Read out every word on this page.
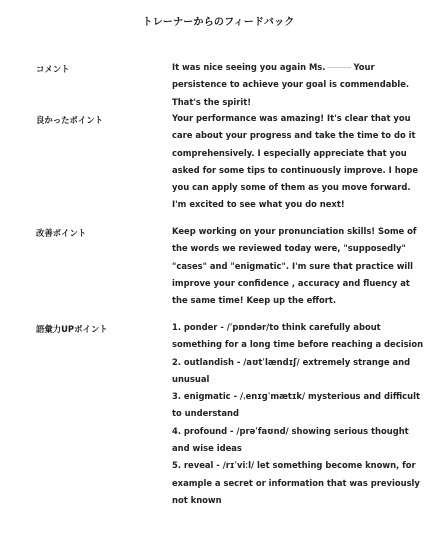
トレーナーからのフィードバック
コメント	It was nice seeing you again Ms.	Your persistence to achieve your goal is commendable. That's the spirit!

良かったポイント	Your performance was amazing! It's clear that you care about your progress and take the time to do it comprehensively. I especially appreciate that you asked for some tips to continuously improve. I hope you can apply some of them as you move forward. I'm excited to see what you do next!

改善ポイント	Keep working on your pronunciation skills! Some of the words we reviewed today were, "supposedly" "cases" and "enigmatic". I'm sure that practice will improve your confidence , accuracy and fluency at the same time! Keep up the effort.

語彙力UPポイント	1. ponder - /ˈpɒndər/to think carefully about something for a long time before reaching a decision

2. outlandish - /aʊtˈlændɪʃ/ extremely strange and unusual

3. enigmatic - /ˌenɪɡˈmætɪk/ mysterious and difficult to understand

4. profound - /prəˈfaʊnd/ showing serious thought and wise ideas

5. reveal - /rɪˈviːl/ let something become known, for example a secret or information that was previously not known
